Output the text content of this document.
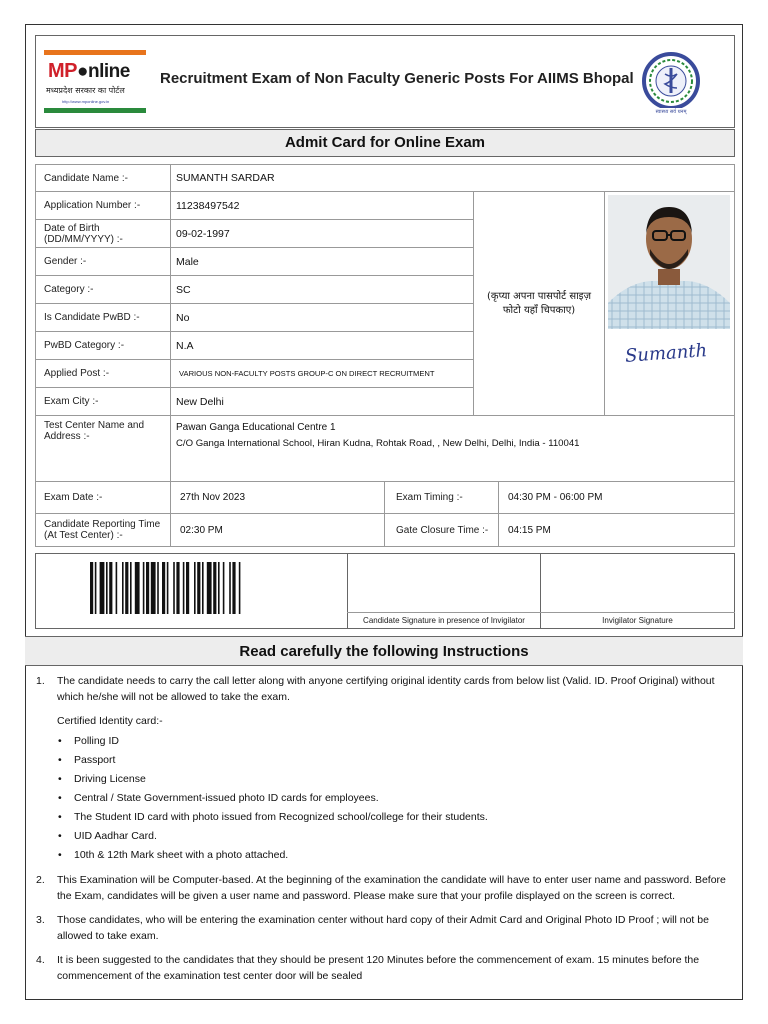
MP●nline
मध्यप्रदेश सरकार का पोर्टल
http://www.mponline.gov.in
Recruitment Exam of Non Faculty Generic Posts For AIIMS Bhopal
स्वास्थ्य सर्व धनम्
Admit Card for Online Exam
Candidate Name :-	SUMANTH SARDAR
Application Number :-	11238497542
Date of Birth (DD/MM/YYYY) :-	09-02-1997
Gender :-	Male
Category :-	SC
Is Candidate PwBD :-	No
PwBD Category :-	N.A
Applied Post :-	VARIOUS NON-FACULTY POSTS GROUP-C ON DIRECT RECRUITMENT
Exam City :-	New Delhi
(कृप्या अपना पासपोर्ट साइज़ फोटो यहाँ चिपकाए)
Sumanth
Test Center Name and Address :-
Pawan Ganga Educational Centre 1
C/O Ganga International School, Hiran Kudna, Rohtak Road, , New Delhi, Delhi, India - 110041
Exam Date :-	27th Nov 2023	Exam Timing :-	04:30 PM - 06:00 PM
Candidate Reporting Time (At Test Center) :-	02:30 PM	Gate Closure Time :-	04:15 PM
Candidate Signature in presence of Invigilator	Invigilator Signature
Read carefully the following Instructions
1. The candidate needs to carry the call letter along with anyone certifying original identity cards from below list (Valid. ID. Proof Original) without which he/she will not be allowed to take the exam.
Certified Identity card:-
• Polling ID
• Passport
• Driving License
• Central / State Government-issued photo ID cards for employees.
• The Student ID card with photo issued from Recognized school/college for their students.
• UID Aadhar Card.
• 10th & 12th Mark sheet with a photo attached.
2. This Examination will be Computer-based. At the beginning of the examination the candidate will have to enter user name and password. Before the Exam, candidates will be given a user name and password. Please make sure that your profile displayed on the screen is correct.
3. Those candidates, who will be entering the examination center without hard copy of their Admit Card and Original Photo ID Proof ; will not be allowed to take exam.
4. It is been suggested to the candidates that they should be present 120 Minutes before the commencement of exam. 15 minutes before the commencement of the examination test center door will be sealed
